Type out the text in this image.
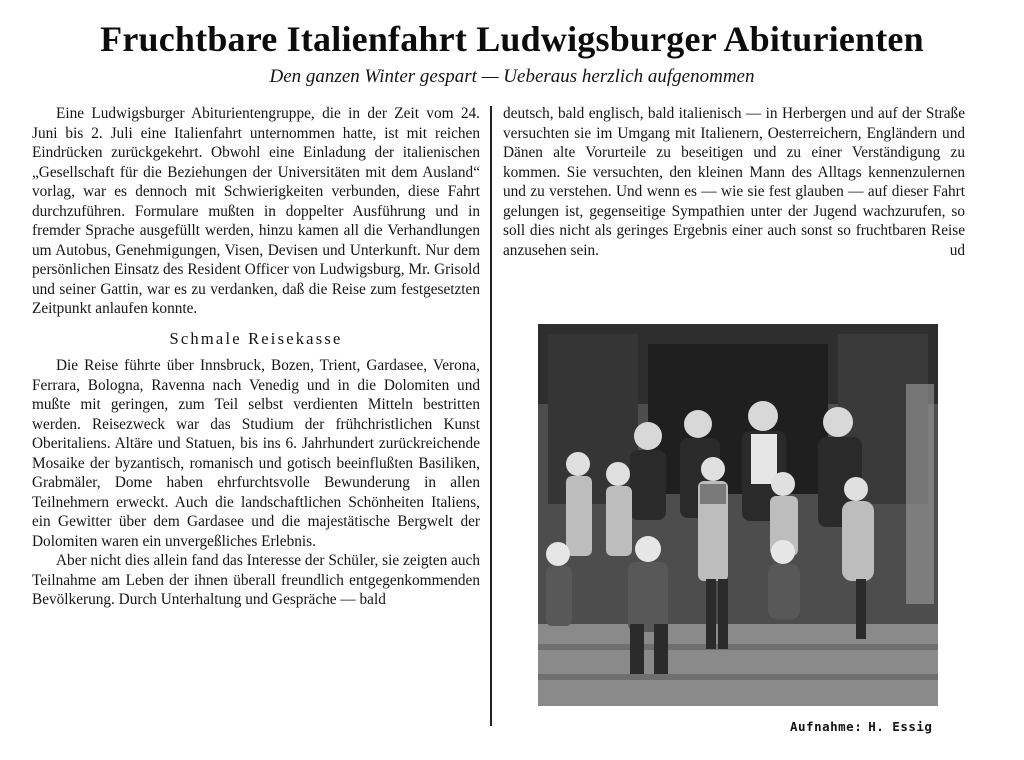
Fruchtbare Italienfahrt Ludwigsburger Abiturienten
Den ganzen Winter gespart — Ueberaus herzlich aufgenommen

Eine Ludwigsburger Abiturientengruppe, die in der Zeit vom 24. Juni bis 2. Juli eine Italienfahrt unternommen hatte, ist mit reichen Eindrücken zurückgekehrt. Obwohl eine Einladung der italienischen „Gesellschaft für die Beziehungen der Universitäten mit dem Ausland“ vorlag, war es dennoch mit Schwierigkeiten verbunden, diese Fahrt durchzuführen. Formulare mußten in doppelter Ausführung und in fremder Sprache ausgefüllt werden, hinzu kamen all die Verhandlungen um Autobus, Genehmigungen, Visen, Devisen und Unterkunft. Nur dem persönlichen Einsatz des Resident Officer von Ludwigsburg, Mr. Grisold und seiner Gattin, war es zu verdanken, daß die Reise zum festgesetzten Zeitpunkt anlaufen konnte.

Schmale Reisekasse

Die Reise führte über Innsbruck, Bozen, Trient, Gardasee, Verona, Ferrara, Bologna, Ravenna nach Venedig und in die Dolomiten und mußte mit geringen, zum Teil selbst verdienten Mitteln bestritten werden. Reisezweck war das Studium der frühchristlichen Kunst Oberitaliens. Altäre und Statuen, bis ins 6. Jahrhundert zurückreichende Mosaike der byzantisch, romanisch und gotisch beeinflußten Basiliken, Grabmäler, Dome haben ehrfurchtsvolle Bewunderung in allen Teilnehmern erweckt. Auch die landschaftlichen Schönheiten Italiens, ein Gewitter über dem Gardasee und die majestätische Bergwelt der Dolomiten waren ein unvergeßliches Erlebnis.

Aber nicht dies allein fand das Interesse der Schüler, sie zeigten auch Teilnahme am Leben der ihnen überall freundlich entgegenkommenden Bevölkerung. Durch Unterhaltung und Gespräche — bald

deutsch, bald englisch, bald italienisch — in Herbergen und auf der Straße versuchten sie im Umgang mit Italienern, Oesterreichern, Engländern und Dänen alte Vorurteile zu beseitigen und zu einer Verständigung zu kommen. Sie versuchten, den kleinen Mann des Alltags kennenzulernen und zu verstehen. Und wenn es — wie sie fest glauben — auf dieser Fahrt gelungen ist, gegenseitige Sympathien unter der Jugend wachzurufen, so soll dies nicht als geringes Ergebnis einer auch sonst so fruchtbaren Reise anzusehen sein.	ud

Aufnahme: H. Essig
